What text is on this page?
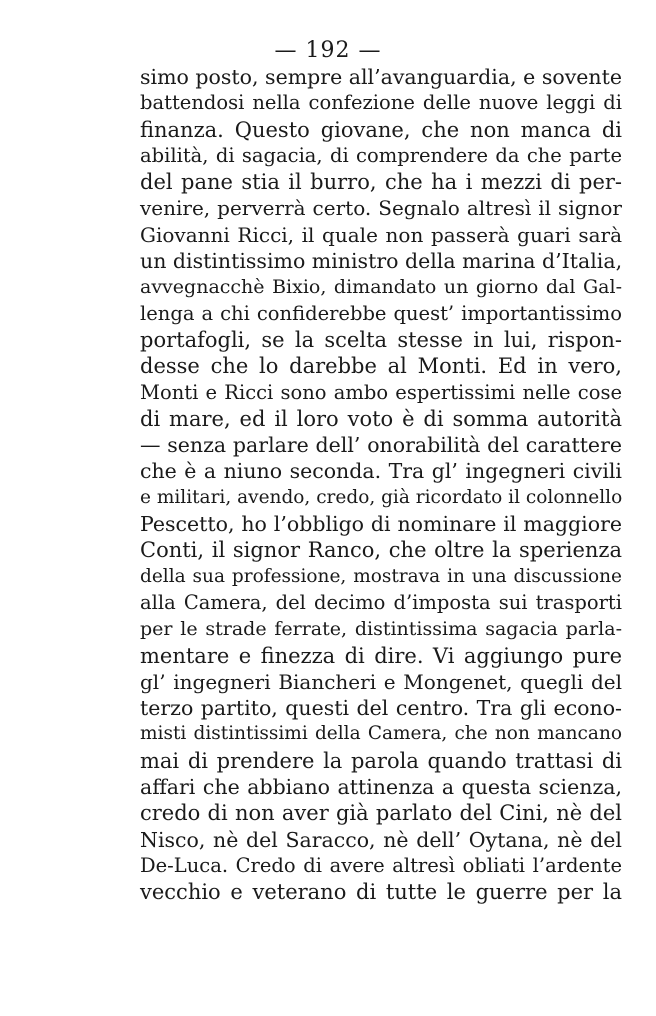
— 192 —
simo posto, sempre all’avanguardia, e sovente
battendosi nella confezione delle nuove leggi di
finanza. Questo giovane, che non manca di
abilità, di sagacia, di comprendere da che parte
del pane stia il burro, che ha i mezzi di per-
venire, perverrà certo. Segnalo altresì il signor
Giovanni Ricci, il quale non passerà guari sarà
un distintissimo ministro della marina d’Italia,
avvegnacchè Bixio, dimandato un giorno dal Gal-
lenga a chi confiderebbe quest’ importantissimo
portafogli, se la scelta stesse in lui, rispon-
desse che lo darebbe al Monti. Ed in vero,
Monti e Ricci sono ambo espertissimi nelle cose
di mare, ed il loro voto è di somma autorità
— senza parlare dell’ onorabilità del carattere
che è a niuno seconda. Tra gl’ ingegneri civili
e militari, avendo, credo, già ricordato il colonnello
Pescetto, ho l’obbligo di nominare il maggiore
Conti, il signor Ranco, che oltre la sperienza
della sua professione, mostrava in una discussione
alla Camera, del decimo d’imposta sui trasporti
per le strade ferrate, distintissima sagacia parla-
mentare e finezza di dire. Vi aggiungo pure
gl’ ingegneri Biancheri e Mongenet, quegli del
terzo partito, questi del centro. Tra gli econo-
misti distintissimi della Camera, che non mancano
mai di prendere la parola quando trattasi di
affari che abbiano attinenza a questa scienza,
credo di non aver già parlato del Cini, nè del
Nisco, nè del Saracco, nè dell’ Oytana, nè del
De-Luca. Credo di avere altresì obliati l’ardente
vecchio e veterano di tutte le guerre per la
